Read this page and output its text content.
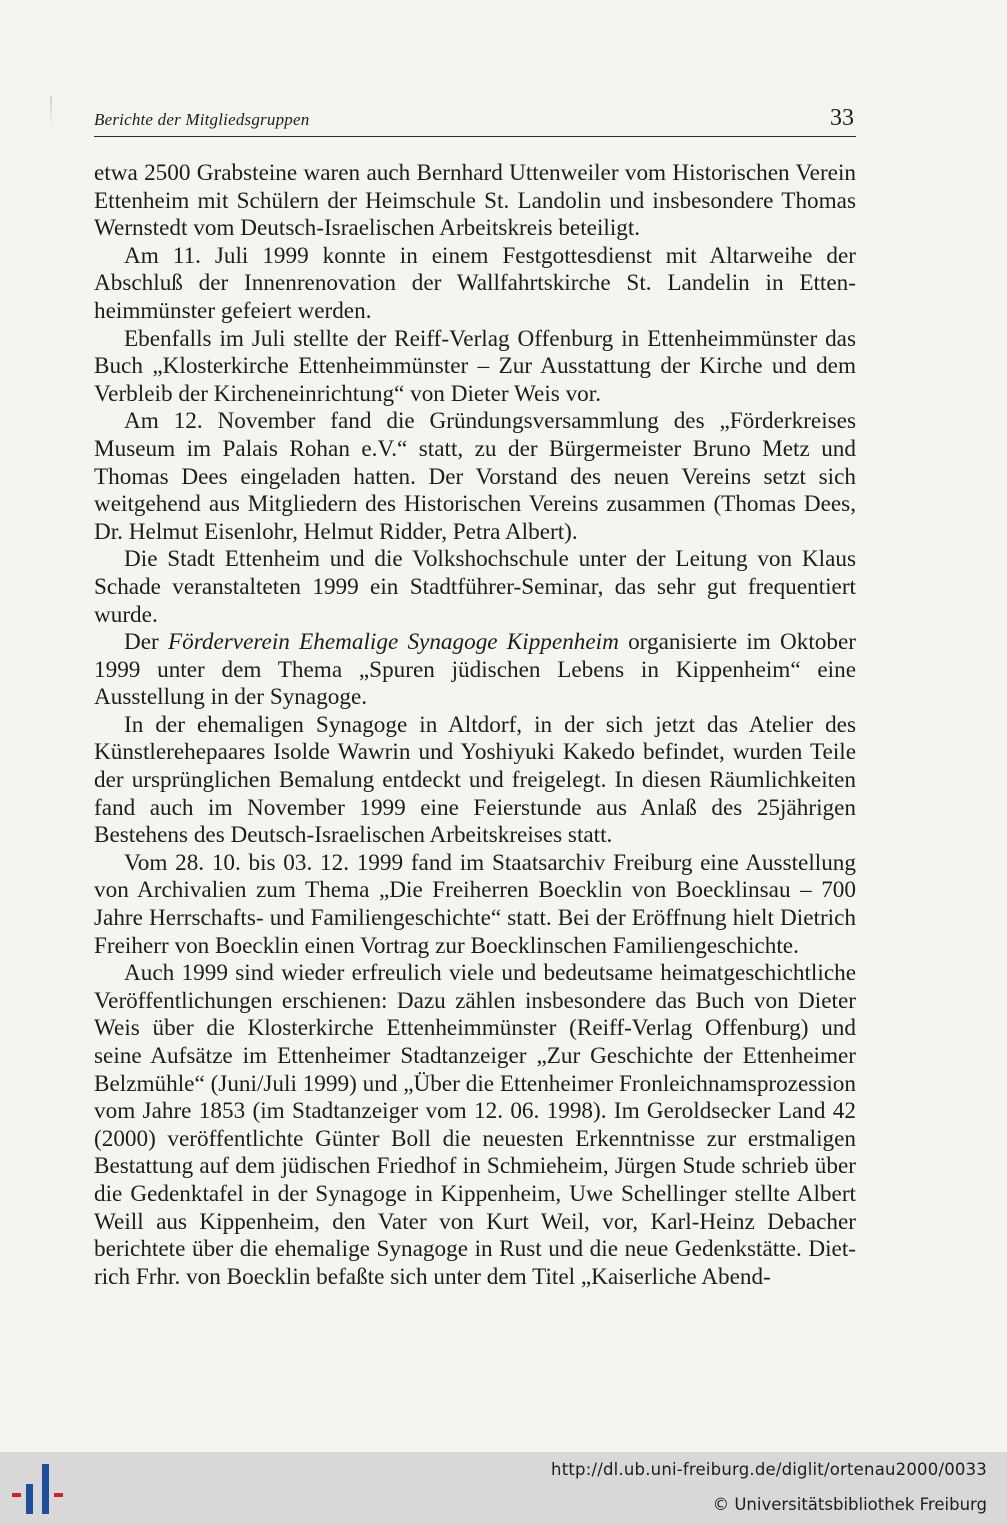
Berichte der Mitgliedsgruppen	33

etwa 2500 Grabsteine waren auch Bernhard Uttenweiler vom Historischen Verein Ettenheim mit Schülern der Heimschule St. Landolin und insbesondere Thomas Wernstedt vom Deutsch-Israelischen Arbeitskreis beteiligt.

Am 11. Juli 1999 konnte in einem Festgottesdienst mit Altarweihe der Abschluß der Innenrenovation der Wallfahrtskirche St. Landelin in Ettenheimmünster gefeiert werden.

Ebenfalls im Juli stellte der Reiff-Verlag Offenburg in Ettenheimmünster das Buch „Klosterkirche Ettenheimmünster – Zur Ausstattung der Kirche und dem Verbleib der Kircheneinrichtung“ von Dieter Weis vor.

Am 12. November fand die Gründungsversammlung des „Förderkreises Museum im Palais Rohan e.V.“ statt, zu der Bürgermeister Bruno Metz und Thomas Dees eingeladen hatten. Der Vorstand des neuen Vereins setzt sich weitgehend aus Mitgliedern des Historischen Vereins zusammen (Thomas Dees, Dr. Helmut Eisenlohr, Helmut Ridder, Petra Albert).

Die Stadt Ettenheim und die Volkshochschule unter der Leitung von Klaus Schade veranstalteten 1999 ein Stadtführer-Seminar, das sehr gut frequentiert wurde.

Der Förderverein Ehemalige Synagoge Kippenheim organisierte im Oktober 1999 unter dem Thema „Spuren jüdischen Lebens in Kippenheim“ eine Ausstellung in der Synagoge.

In der ehemaligen Synagoge in Altdorf, in der sich jetzt das Atelier des Künstlerehepaares Isolde Wawrin und Yoshiyuki Kakedo befindet, wurden Teile der ursprünglichen Bemalung entdeckt und freigelegt. In diesen Räumlichkeiten fand auch im November 1999 eine Feierstunde aus Anlaß des 25jährigen Bestehens des Deutsch-Israelischen Arbeitskreises statt.

Vom 28. 10. bis 03. 12. 1999 fand im Staatsarchiv Freiburg eine Ausstellung von Archivalien zum Thema „Die Freiherren Boecklin von Boecklinsau – 700 Jahre Herrschafts- und Familiengeschichte“ statt. Bei der Eröffnung hielt Dietrich Freiherr von Boecklin einen Vortrag zur Boecklinschen Familiengeschichte.

Auch 1999 sind wieder erfreulich viele und bedeutsame heimatgeschichtliche Veröffentlichungen erschienen: Dazu zählen insbesondere das Buch von Dieter Weis über die Klosterkirche Ettenheimmünster (Reiff-Verlag Offenburg) und seine Aufsätze im Ettenheimer Stadtanzeiger „Zur Geschichte der Ettenheimer Belzmühle“ (Juni/Juli 1999) und „Über die Ettenheimer Fronleichnamsprozession vom Jahre 1853 (im Stadtanzeiger vom 12. 06. 1998). Im Geroldsecker Land 42 (2000) veröffentlichte Günter Boll die neuesten Erkenntnisse zur erstmaligen Bestattung auf dem jüdischen Friedhof in Schmieheim, Jürgen Stude schrieb über die Gedenktafel in der Synagoge in Kippenheim, Uwe Schellinger stellte Albert Weill aus Kippenheim, den Vater von Kurt Weil, vor, Karl-Heinz Debacher berichtete über die ehemalige Synagoge in Rust und die neue Gedenkstätte. Dietrich Frhr. von Boecklin befaßte sich unter dem Titel „Kaiserliche Abend-

http://dl.ub.uni-freiburg.de/diglit/ortenau2000/0033
© Universitätsbibliothek Freiburg
